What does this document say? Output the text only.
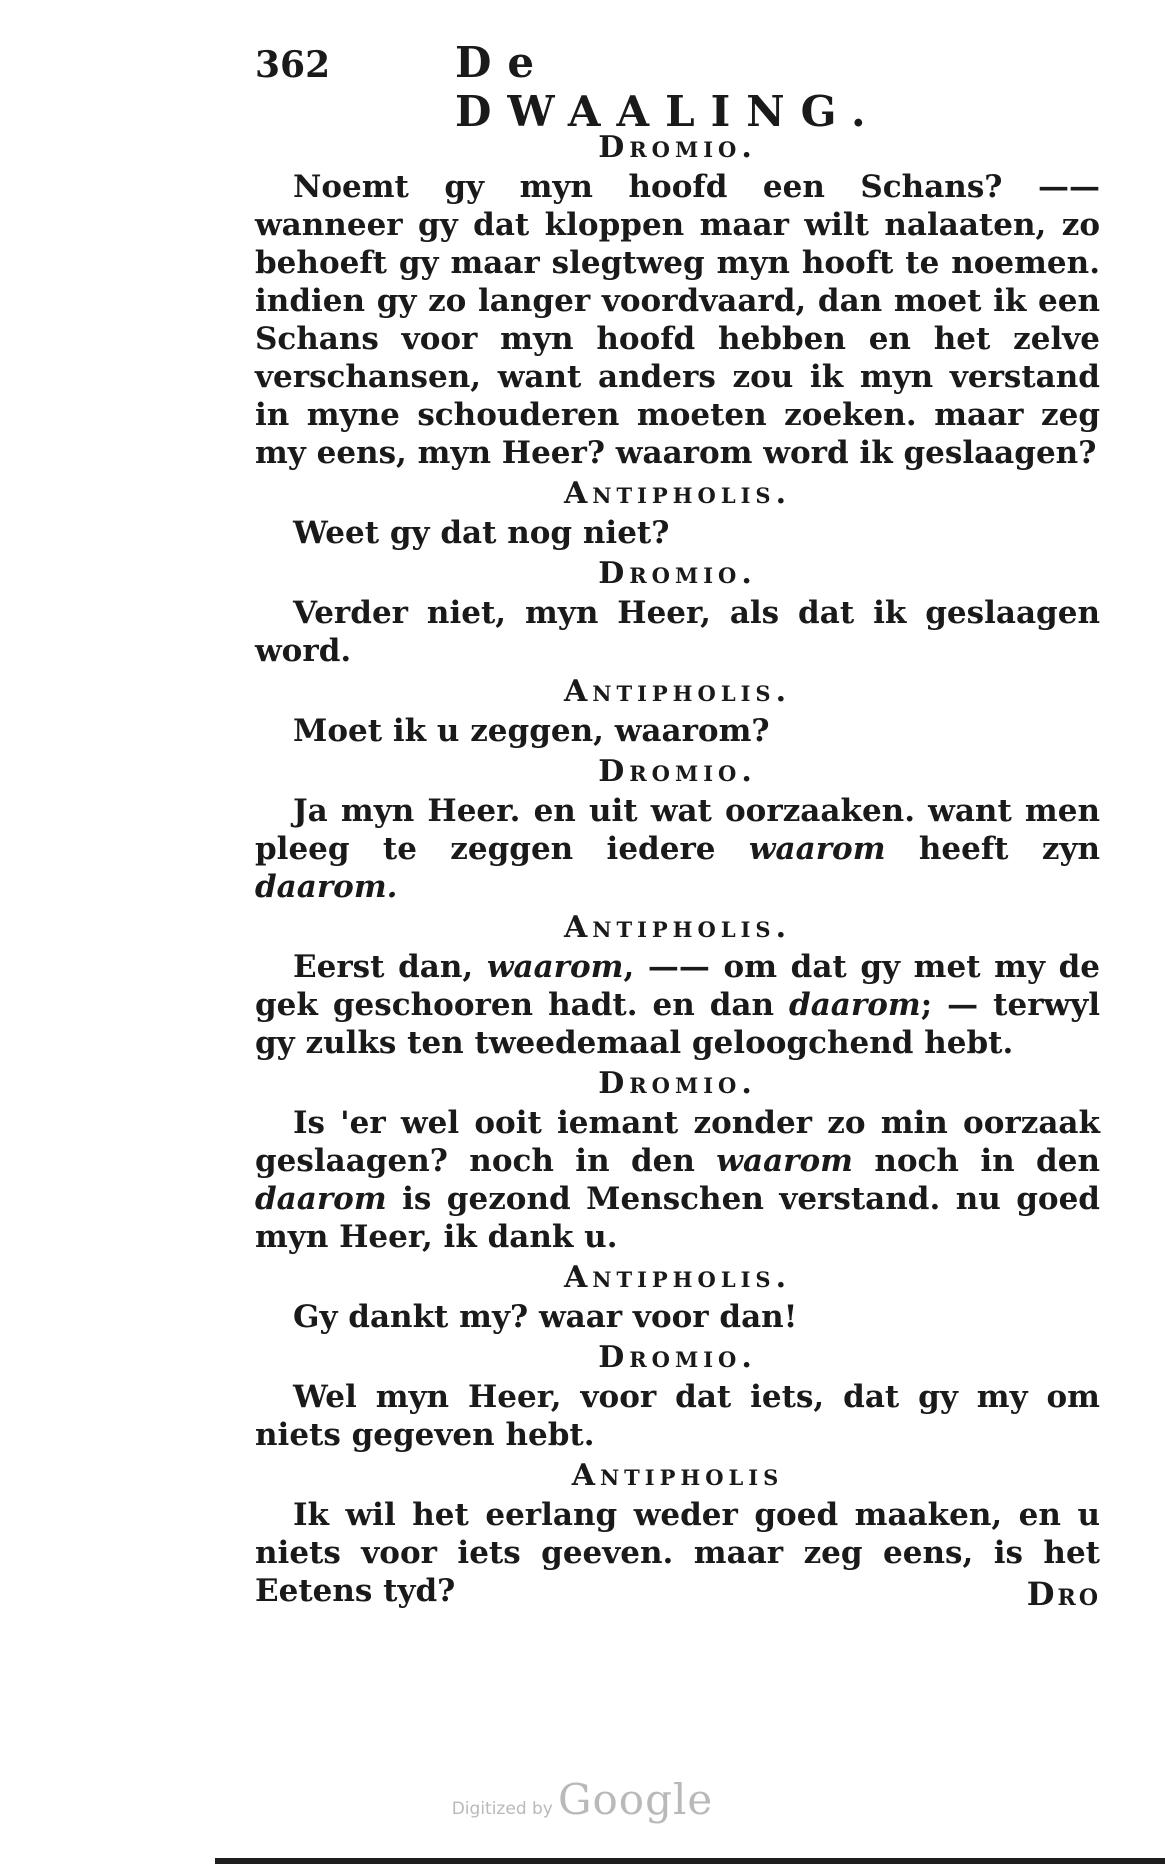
362	De DWAALING.
Dromio.

Noemt gy myn hoofd een Schans? —— wanneer gy dat kloppen maar wilt nalaaten, zo behoeft gy maar slegtweg myn hooft te noemen. indien gy zo langer voordvaard, dan moet ik een Schans voor myn hoofd hebben en het zelve verschansen, want anders zou ik myn verstand in myne schouderen moeten zoeken. maar zeg my eens, myn Heer? waarom word ik geslaagen?

Antipholis.

Weet gy dat nog niet?

Dromio.

Verder niet, myn Heer, als dat ik geslaagen word.

Antipholis.

Moet ik u zeggen, waarom?

Dromio.

Ja myn Heer. en uit wat oorzaaken. want men pleeg te zeggen iedere waarom heeft zyn daarom.

Antipholis.

Eerst dan, waarom, —— om dat gy met my de gek geschooren hadt. en dan daarom; — terwyl gy zulks ten tweedemaal geloogchend hebt.

Dromio.

Is 'er wel ooit iemant zonder zo min oorzaak geslaagen? noch in den waarom noch in den daarom is gezond Menschen verstand. nu goed myn Heer, ik dank u.

Antipholis.

Gy dankt my? waar voor dan!

Dromio.

Wel myn Heer, voor dat iets, dat gy my om niets gegeven hebt.

Antipholis

Ik wil het eerlang weder goed maaken, en u niets voor iets geeven. maar zeg eens, is het Eetens tyd?	Dro
Digitized by Google
